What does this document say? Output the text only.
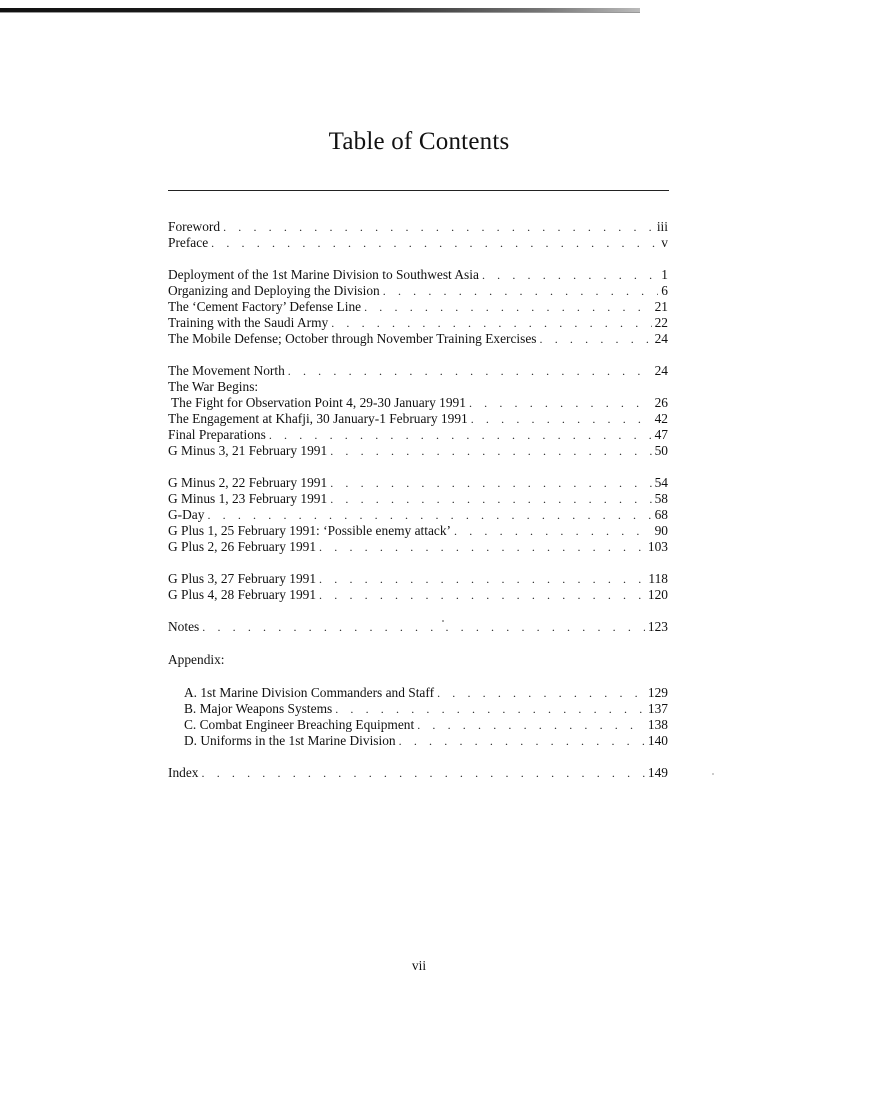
Table of Contents
Foreword . . .	iii
Preface . . .	v
Deployment of the 1st Marine Division to Southwest Asia . . .	1
Organizing and Deploying the Division . . .	6
The ‘Cement Factory’ Defense Line . . .	21
Training with the Saudi Army . . .	22
The Mobile Defense; October through November Training Exercises . . .	24
The Movement North . . .	24
The War Begins:
The Fight for Observation Point 4, 29-30 January 1991 . . .	26
The Engagement at Khafji, 30 January-1 February 1991 . . .	42
Final Preparations . . .	47
G Minus 3, 21 February 1991 . . .	50
G Minus 2, 22 February 1991 . . .	54
G Minus 1, 23 February 1991 . . .	58
G-Day . . .	68
G Plus 1, 25 February 1991: ‘Possible enemy attack’ . . .	90
G Plus 2, 26 February 1991 . . .	103
G Plus 3, 27 February 1991 . . .	118
G Plus 4, 28 February 1991 . . .	120
Notes . . .	123
Appendix:
A. 1st Marine Division Commanders and Staff . . .	129
B. Major Weapons Systems . . .	137
C. Combat Engineer Breaching Equipment . . .	138
D. Uniforms in the 1st Marine Division . . .	140
Index . . .	149
vii
